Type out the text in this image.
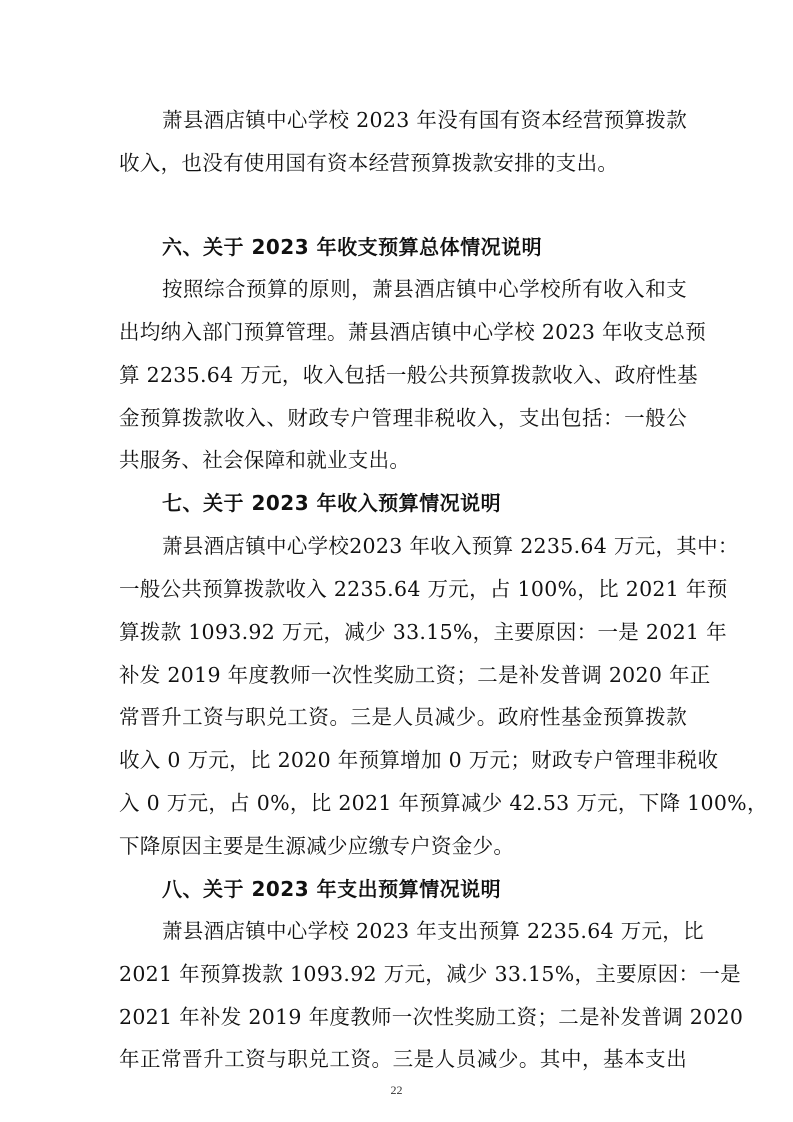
萧县酒店镇中心学校 2023 年没有国有资本经营预算拨款
收入，也没有使用国有资本经营预算拨款安排的支出。
六、关于 2023 年收支预算总体情况说明
按照综合预算的原则，萧县酒店镇中心学校所有收入和支
出均纳入部门预算管理。萧县酒店镇中心学校 2023 年收支总预
算 2235.64 万元，收入包括一般公共预算拨款收入、政府性基
金预算拨款收入、财政专户管理非税收入，支出包括：一般公
共服务、社会保障和就业支出。
七、关于 2023 年收入预算情况说明
萧县酒店镇中心学校2023 年收入预算 2235.64 万元，其中：
一般公共预算拨款收入 2235.64 万元，占 100%，比 2021 年预
算拨款 1093.92 万元，减少 33.15%，主要原因：一是 2021 年
补发 2019 年度教师一次性奖励工资；二是补发普调 2020 年正
常晋升工资与职兑工资。三是人员减少。政府性基金预算拨款
收入 0 万元，比 2020 年预算增加 0 万元；财政专户管理非税收
入 0 万元，占 0%，比 2021 年预算减少 42.53 万元，下降 100%，
下降原因主要是生源减少应缴专户资金少。
八、关于 2023 年支出预算情况说明
萧县酒店镇中心学校 2023 年支出预算 2235.64 万元，比
2021 年预算拨款 1093.92 万元，减少 33.15%，主要原因：一是
2021 年补发 2019 年度教师一次性奖励工资；二是补发普调 2020
年正常晋升工资与职兑工资。三是人员减少。其中，基本支出
22
